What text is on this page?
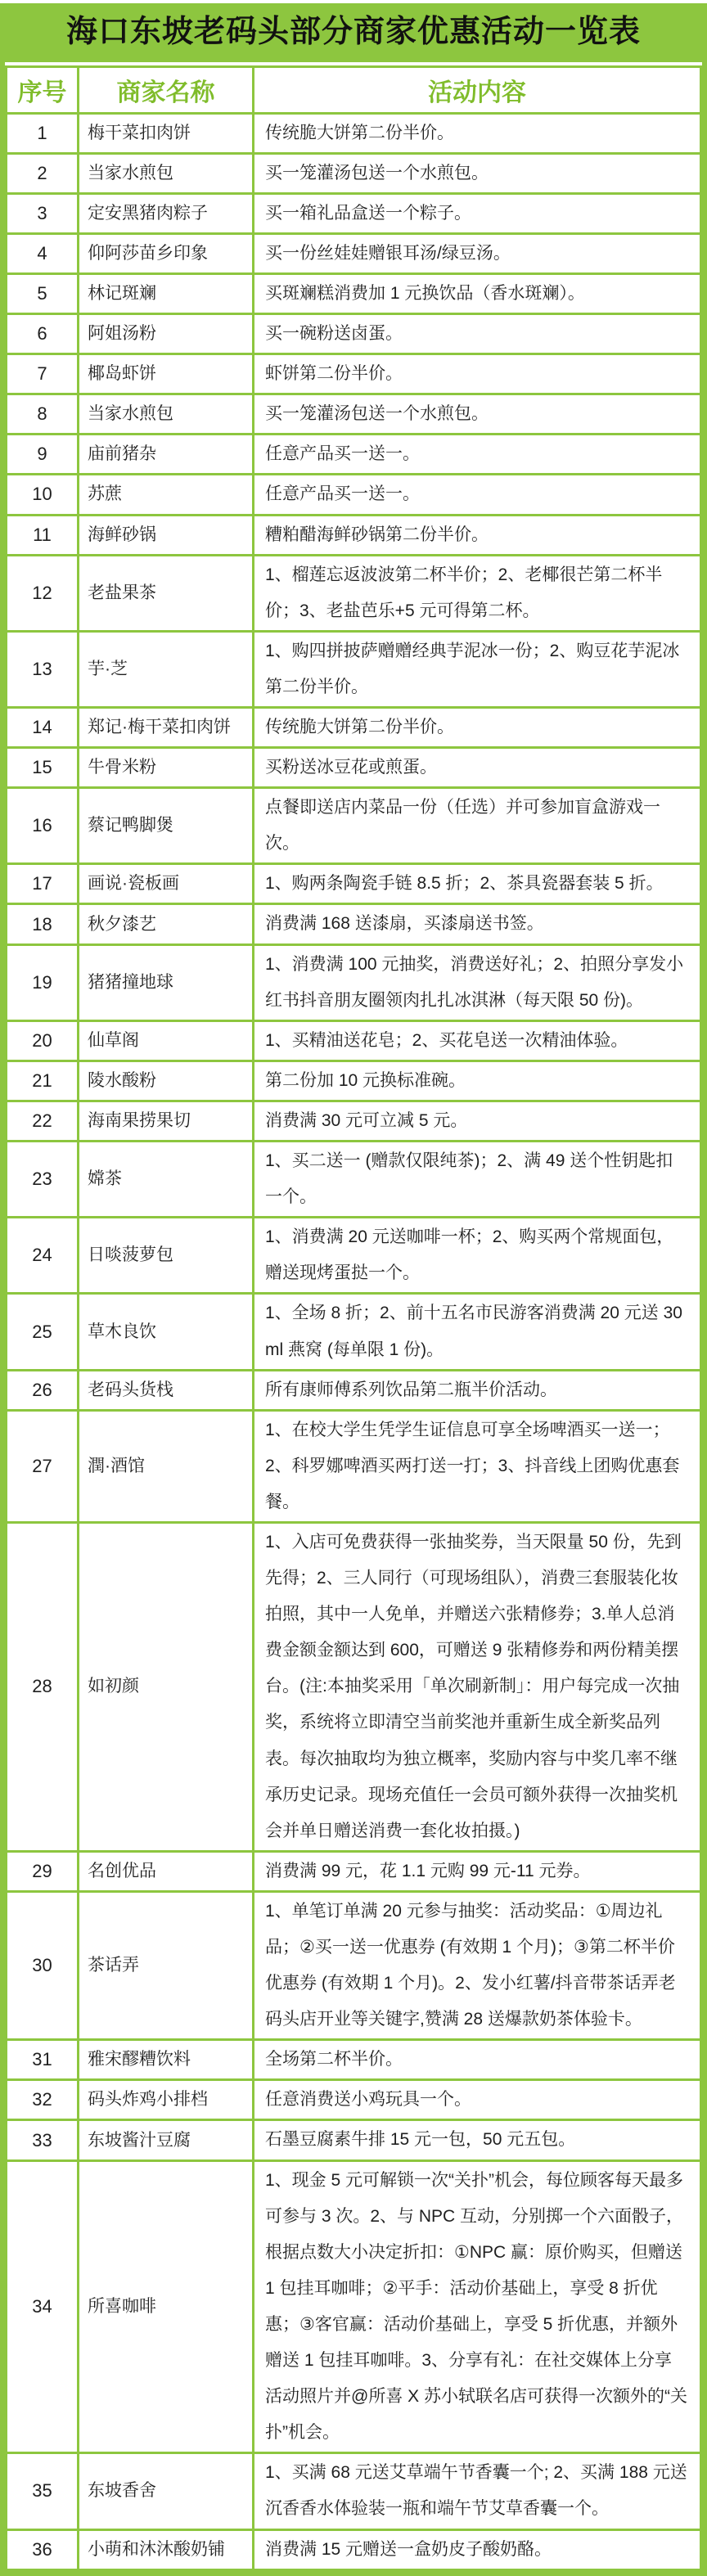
海口东坡老码头部分商家优惠活动一览表
序号	商家名称	活动内容
1	梅干菜扣肉饼	传统脆大饼第二份半价。
2	当家水煎包	买一笼灌汤包送一个水煎包。
3	定安黑猪肉粽子	买一箱礼品盒送一个粽子。
4	仰阿莎苗乡印象	买一份丝娃娃赠银耳汤/绿豆汤。
5	林记斑斓	买斑斓糕消费加 1 元换饮品（香水斑斓）。
6	阿姐汤粉	买一碗粉送卤蛋。
7	椰岛虾饼	虾饼第二份半价。
8	当家水煎包	买一笼灌汤包送一个水煎包。
9	庙前猪杂	任意产品买一送一。
10	苏蔗	任意产品买一送一。
11	海鲜砂锅	糟粕醋海鲜砂锅第二份半价。
12	老盐果茶	1、榴莲忘返波波第二杯半价；2、老椰很芒第二杯半价；3、老盐芭乐+5 元可得第二杯。
13	芋·芝	1、购四拼披萨赠赠经典芋泥冰一份；2、购豆花芋泥冰第二份半价。
14	郑记·梅干菜扣肉饼	传统脆大饼第二份半价。
15	牛骨米粉	买粉送冰豆花或煎蛋。
16	蔡记鸭脚煲	点餐即送店内菜品一份（任选）并可参加盲盒游戏一次。
17	画说·瓷板画	1、购两条陶瓷手链 8.5 折；2、茶具瓷器套装 5 折。
18	秋夕漆艺	消费满 168 送漆扇，买漆扇送书签。
19	猪猪撞地球	1、消费满 100 元抽奖，消费送好礼；2、拍照分享发小红书抖音朋友圈领肉扎扎冰淇淋（每天限 50 份)。
20	仙草阁	1、买精油送花皂；2、买花皂送一次精油体验。
21	陵水酸粉	第二份加 10 元换标准碗。
22	海南果捞果切	消费满 30 元可立减 5 元。
23	嫦茶	1、买二送一 (赠款仅限纯茶)；2、满 49 送个性钥匙扣一个。
24	日啖菠萝包	1、消费满 20 元送咖啡一杯；2、购买两个常规面包，赠送现烤蛋挞一个。
25	草木良饮	1、全场 8 折；2、前十五名市民游客消费满 20 元送 30ml 燕窝 (每单限 1 份)。
26	老码头货栈	所有康师傅系列饮品第二瓶半价活动。
27	潤·酒馆	1、在校大学生凭学生证信息可享全场啤酒买一送一；2、科罗娜啤酒买两打送一打；3、抖音线上团购优惠套餐。
28	如初颜	1、入店可免费获得一张抽奖券，当天限量 50 份，先到先得；2、三人同行（可现场组队），消费三套服装化妆拍照，其中一人免单，并赠送六张精修券；3.单人总消费金额金额达到 600，可赠送 9 张精修券和两份精美摆台。(注:本抽奖采用「单次刷新制」：用户每完成一次抽奖，系统将立即清空当前奖池并重新生成全新奖品列表。每次抽取均为独立概率，奖励内容与中奖几率不继承历史记录。现场充值任一会员可额外获得一次抽奖机会并单日赠送消费一套化妆拍摄。)
29	名创优品	消费满 99 元，花 1.1 元购 99 元-11 元券。
30	茶话弄	1、单笔订单满 20 元参与抽奖：活动奖品：①周边礼品；②买一送一优惠券 (有效期 1 个月)；③第二杯半价优惠券 (有效期 1 个月)。2、发小红薯/抖音带茶话弄老码头店开业等关键字,赞满 28 送爆款奶茶体验卡。
31	雅宋醪糟饮料	全场第二杯半价。
32	码头炸鸡小排档	任意消费送小鸡玩具一个。
33	东坡酱汁豆腐	石墨豆腐素牛排 15 元一包，50 元五包。
34	所喜咖啡	1、现金 5 元可解锁一次“关扑”机会，每位顾客每天最多可参与 3 次。2、与 NPC 互动，分别掷一个六面骰子，根据点数大小决定折扣：①NPC 赢：原价购买，但赠送 1 包挂耳咖啡；②平手：活动价基础上，享受 8 折优惠；③客官赢：活动价基础上，享受 5 折优惠，并额外赠送 1 包挂耳咖啡。3、分享有礼：在社交媒体上分享活动照片并@所喜 X 苏小轼联名店可获得一次额外的“关扑”机会。
35	东坡香舍	1、买满 68 元送艾草端午节香囊一个; 2、买满 188 元送沉香香水体验装一瓶和端午节艾草香囊一个。
36	小萌和沐沐酸奶铺	消费满 15 元赠送一盒奶皮子酸奶酪。
